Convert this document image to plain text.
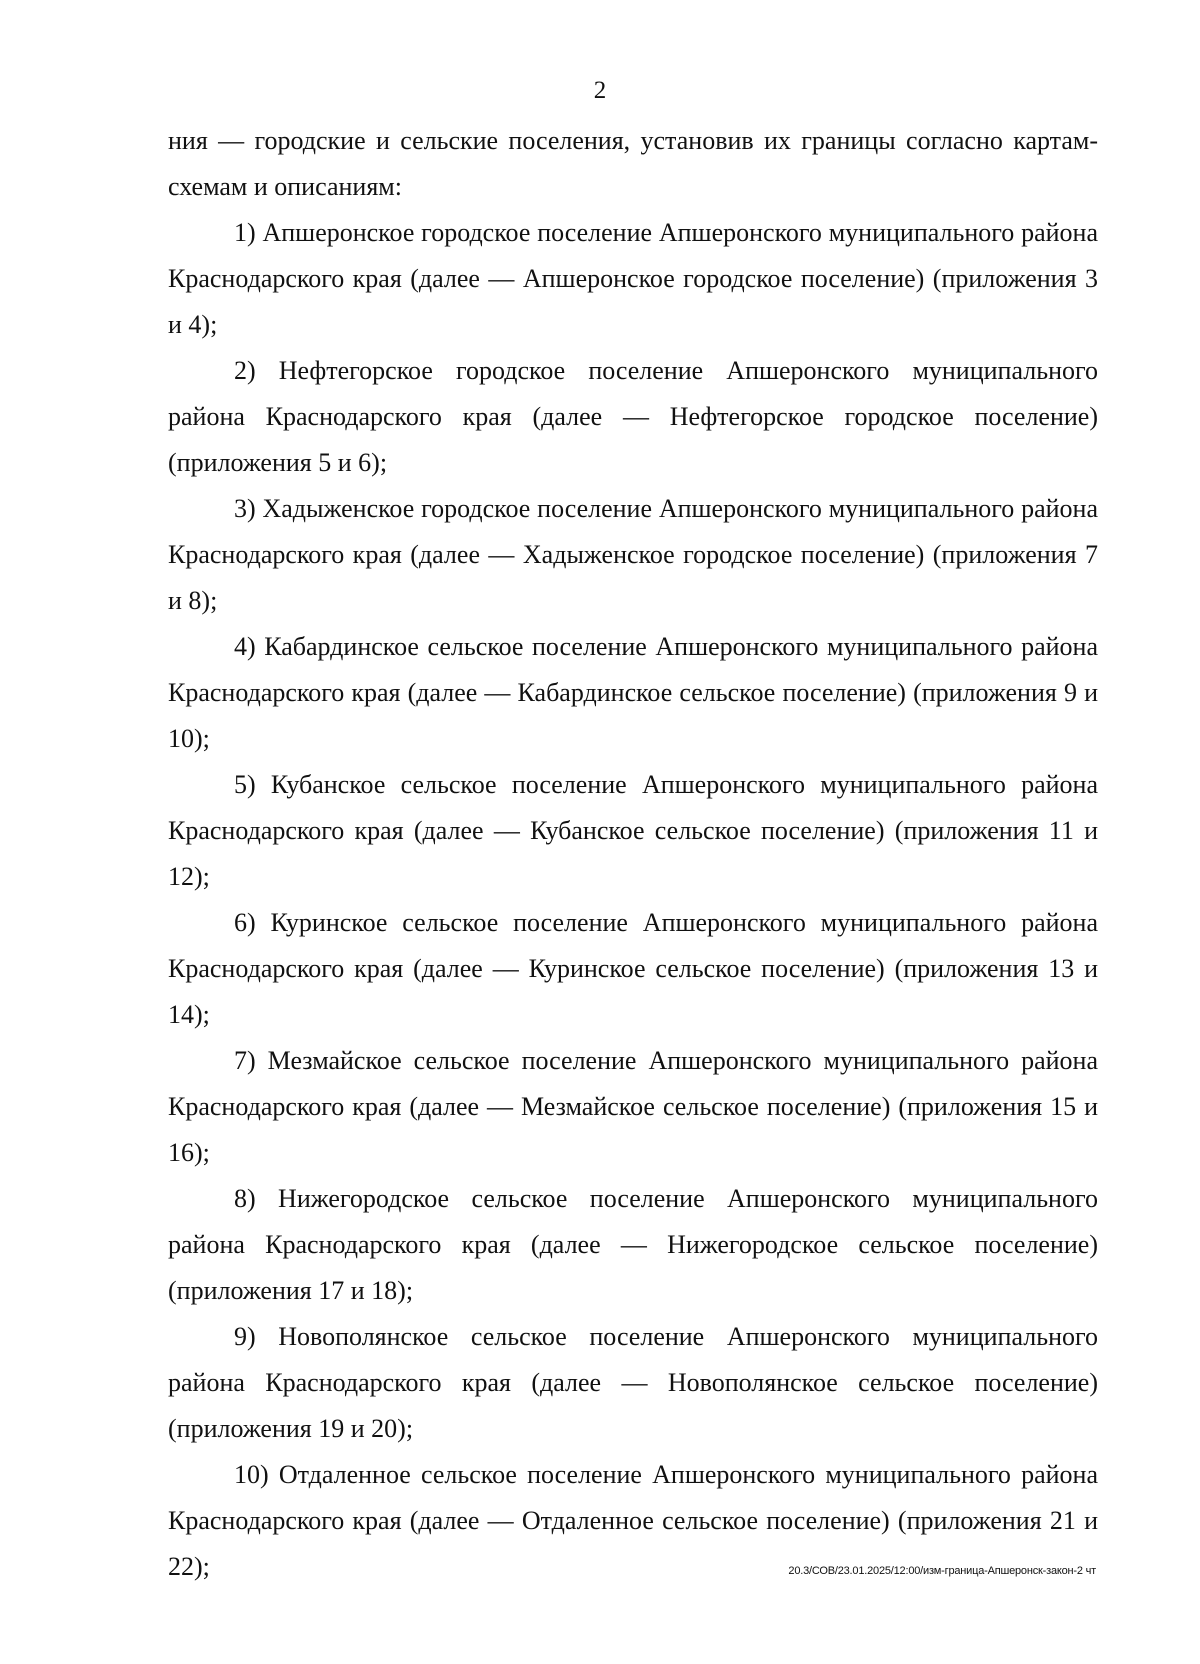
2

ния — городские и сельские поселения, установив их границы согласно картам-схемам и описаниям:

1) Апшеронское городское поселение Апшеронского муниципального района Краснодарского края (далее — Апшеронское городское поселение) (приложения 3 и 4);

2) Нефтегорское городское поселение Апшеронского муниципального района Краснодарского края (далее — Нефтегорское городское поселение) (приложения 5 и 6);

3) Хадыженское городское поселение Апшеронского муниципального района Краснодарского края (далее — Хадыженское городское поселение) (приложения 7 и 8);

4) Кабардинское сельское поселение Апшеронского муниципального района Краснодарского края (далее — Кабардинское сельское поселение) (приложения 9 и 10);

5) Кубанское сельское поселение Апшеронского муниципального района Краснодарского края (далее — Кубанское сельское поселение) (приложения 11 и 12);

6) Куринское сельское поселение Апшеронского муниципального района Краснодарского края (далее — Куринское сельское поселение) (приложения 13 и 14);

7) Мезмайское сельское поселение Апшеронского муниципального района Краснодарского края (далее — Мезмайское сельское поселение) (приложения 15 и 16);

8) Нижегородское сельское поселение Апшеронского муниципального района Краснодарского края (далее — Нижегородское сельское поселение) (приложения 17 и 18);

9) Новополянское сельское поселение Апшеронского муниципального района Краснодарского края (далее — Новополянское сельское поселение) (приложения 19 и 20);

10) Отдаленное сельское поселение Апшеронского муниципального района Краснодарского края (далее — Отдаленное сельское поселение) (приложения 21 и 22);	20.3/СОВ/23.01.2025/12:00/изм-граница-Апшеронск-закон-2 чт
